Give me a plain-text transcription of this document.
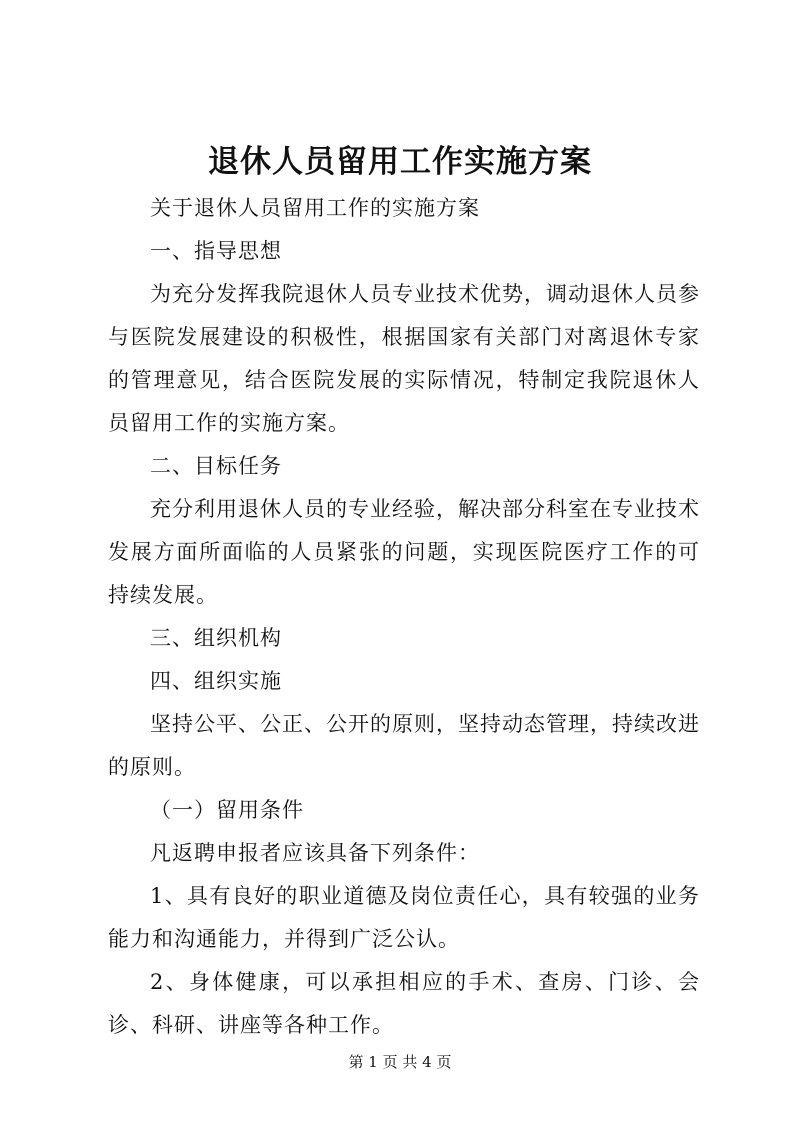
退休人员留用工作实施方案

关于退休人员留用工作的实施方案

一、指导思想

为充分发挥我院退休人员专业技术优势，调动退休人员参与医院发展建设的积极性，根据国家有关部门对离退休专家的管理意见，结合医院发展的实际情况，特制定我院退休人员留用工作的实施方案。

二、目标任务

充分利用退休人员的专业经验，解决部分科室在专业技术发展方面所面临的人员紧张的问题，实现医院医疗工作的可持续发展。

三、组织机构

四、组织实施

坚持公平、公正、公开的原则，坚持动态管理，持续改进的原则。

（一）留用条件

凡返聘申报者应该具备下列条件：

1、具有良好的职业道德及岗位责任心，具有较强的业务能力和沟通能力，并得到广泛公认。

2、身体健康，可以承担相应的手术、查房、门诊、会诊、科研、讲座等各种工作。

第 1 页 共 4 页
